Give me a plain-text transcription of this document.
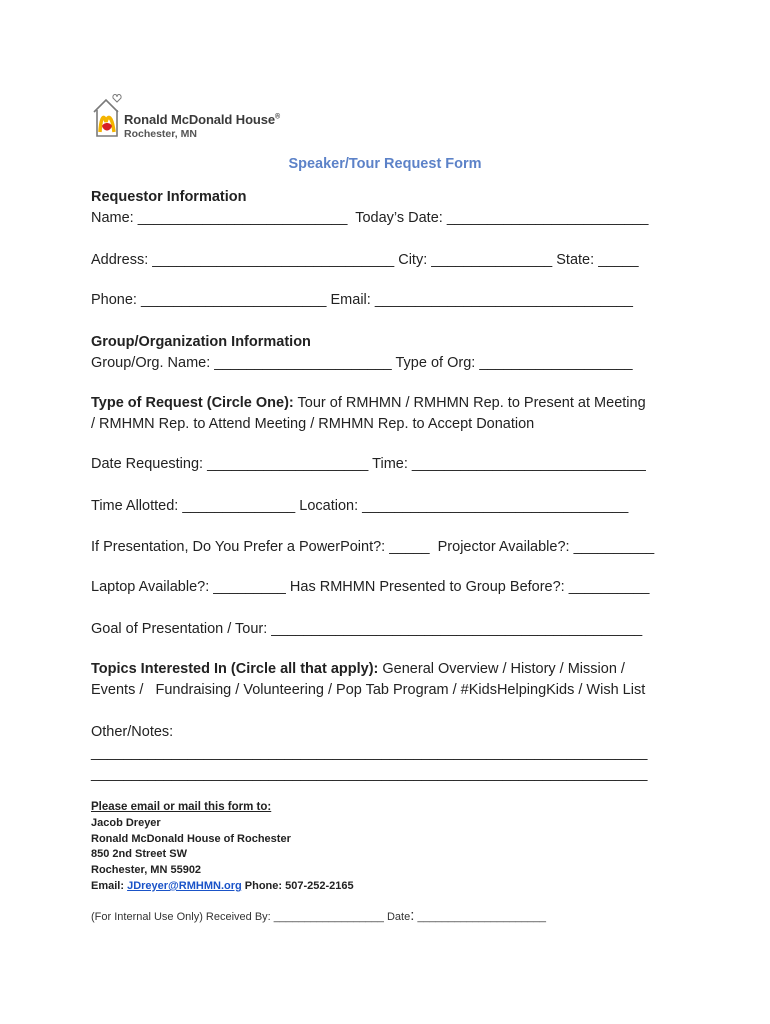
Ronald McDonald House®
Rochester, MN
Speaker/Tour Request Form
Requestor Information
Name: __________________________ Today’s Date: _________________________
Address: ______________________________ City: _______________ State: _____
Phone: _______________________ Email: ________________________________
Group/Organization Information
Group/Org. Name: ______________________ Type of Org: ___________________
Type of Request (Circle One): Tour of RMHMN / RMHMN Rep. to Present at Meeting
/ RMHMN Rep. to Attend Meeting / RMHMN Rep. to Accept Donation
Date Requesting: ____________________ Time: _____________________________
Time Allotted: ______________ Location: _________________________________
If Presentation, Do You Prefer a PowerPoint?: _____ Projector Available?: __________
Laptop Available?: _________ Has RMHMN Presented to Group Before?: __________
Goal of Presentation / Tour: ______________________________________________
Topics Interested In (Circle all that apply): General Overview / History / Mission /
Events /   Fundraising / Volunteering / Pop Tab Program / #KidsHelpingKids / Wish List
Other/Notes:
_____________________________________________________________________
_____________________________________________________________________
Please email or mail this form to:
Jacob Dreyer
Ronald McDonald House of Rochester
850 2nd Street SW
Rochester, MN 55902
Email: JDreyer@RMHMN.org Phone: 507-252-2165
(For Internal Use Only) Received By: __________________ Date: _____________________
